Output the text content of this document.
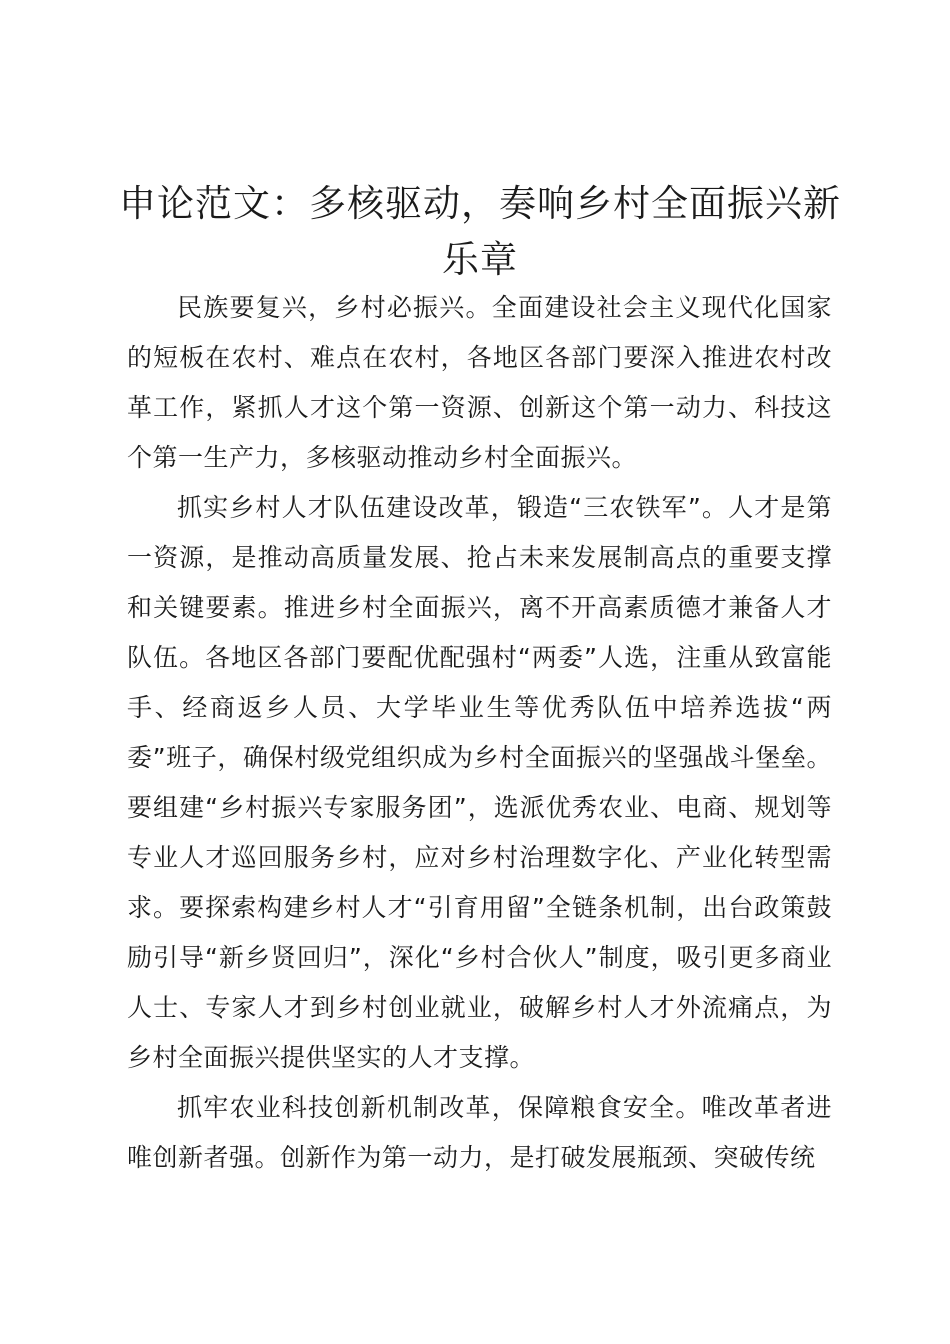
申论范文：多核驱动，奏响乡村全面振兴新乐章

民族要复兴，乡村必振兴。全面建设社会主义现代化国家的短板在农村、难点在农村，各地区各部门要深入推进农村改革工作，紧抓人才这个第一资源、创新这个第一动力、科技这个第一生产力，多核驱动推动乡村全面振兴。

抓实乡村人才队伍建设改革，锻造“三农铁军”。人才是第一资源，是推动高质量发展、抢占未来发展制高点的重要支撑和关键要素。推进乡村全面振兴，离不开高素质德才兼备人才队伍。各地区各部门要配优配强村“两委”人选，注重从致富能手、经商返乡人员、大学毕业生等优秀队伍中培养选拔“两委”班子，确保村级党组织成为乡村全面振兴的坚强战斗堡垒。要组建“乡村振兴专家服务团”，选派优秀农业、电商、规划等专业人才巡回服务乡村，应对乡村治理数字化、产业化转型需求。要探索构建乡村人才“引育用留”全链条机制，出台政策鼓励引导“新乡贤回归”，深化“乡村合伙人”制度，吸引更多商业人士、专家人才到乡村创业就业，破解乡村人才外流痛点，为乡村全面振兴提供坚实的人才支撑。

抓牢农业科技创新机制改革，保障粮食安全。唯改革者进唯创新者强。创新作为第一动力，是打破发展瓶颈、突破传统
